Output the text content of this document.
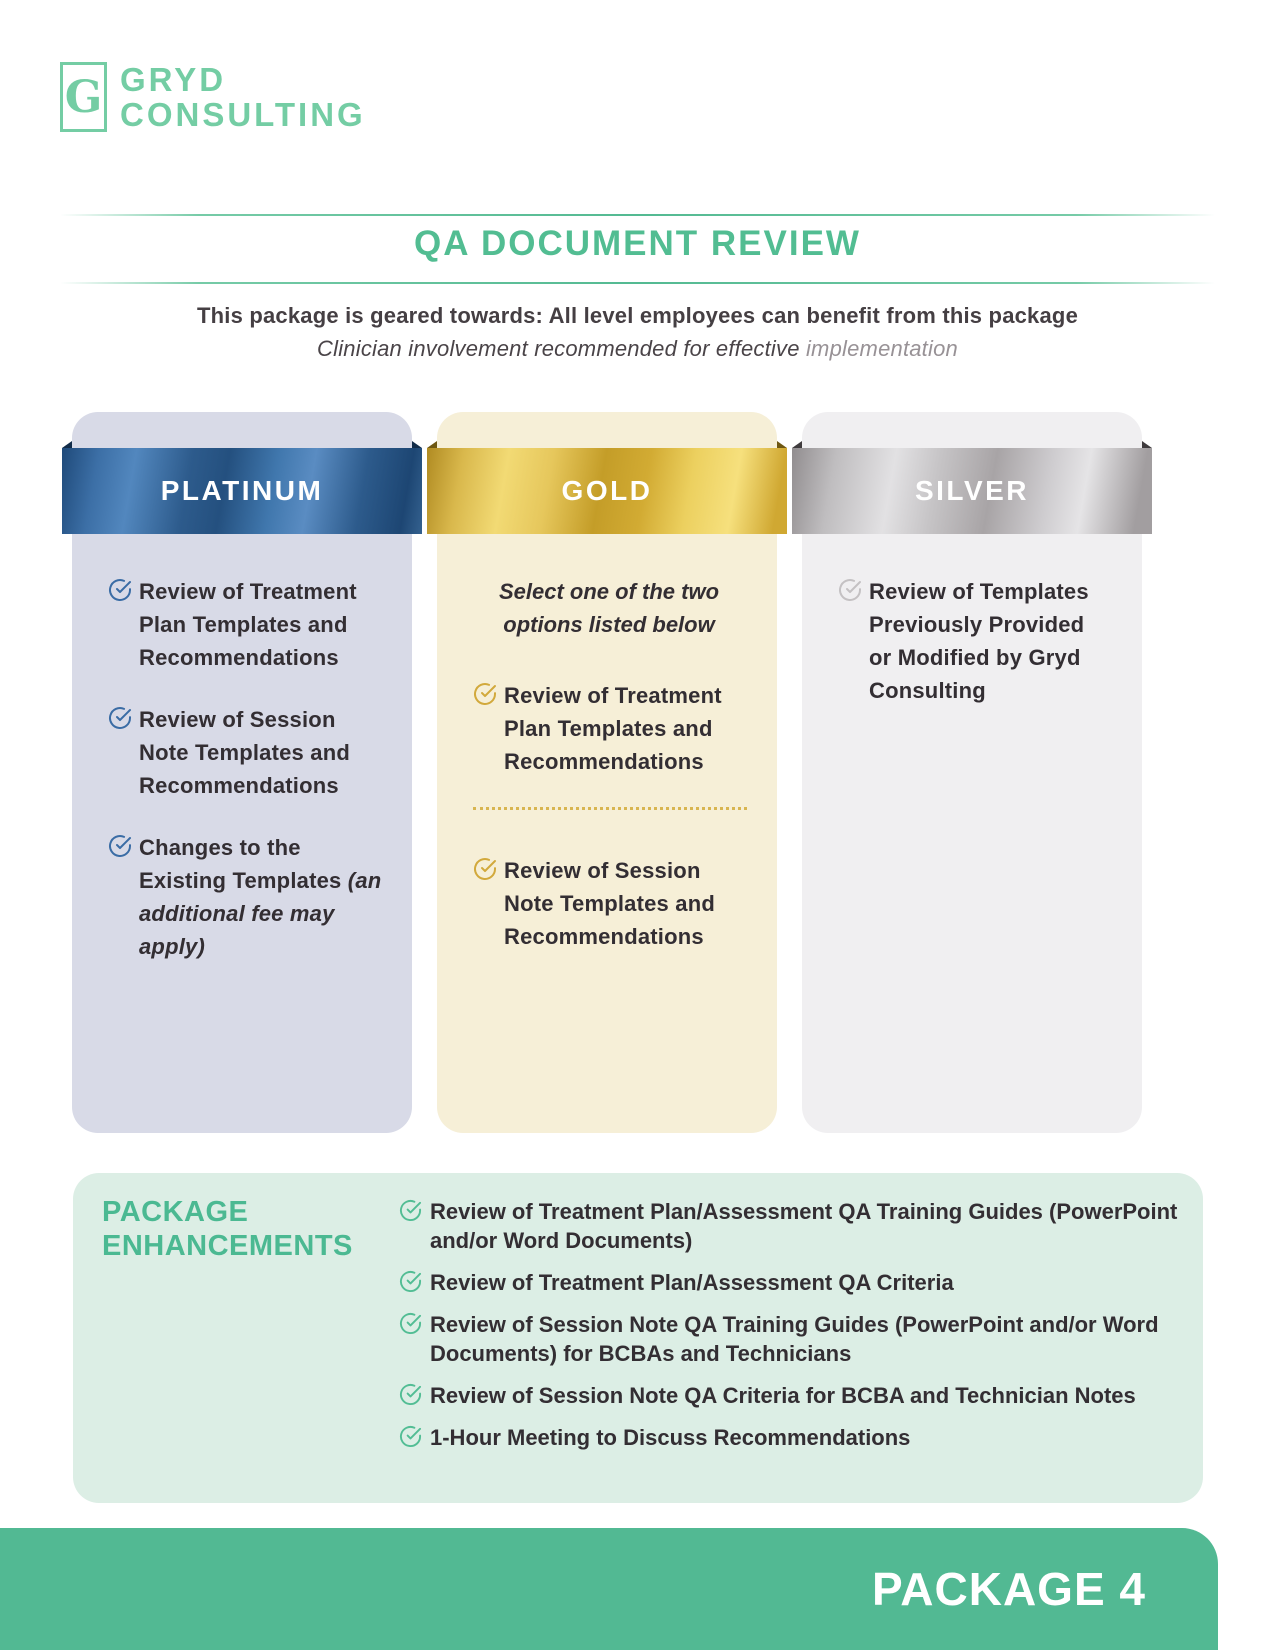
G GRYD
CONSULTING
QA DOCUMENT REVIEW
This package is geared towards: All level employees can benefit from this package
Clinician involvement recommended for effective implementation
PLATINUM
Review of Treatment Plan Templates and Recommendations
Review of Session Note Templates and Recommendations
Changes to the Existing Templates (an additional fee may apply)
GOLD
Select one of the two options listed below
Review of Treatment Plan Templates and Recommendations
Review of Session Note Templates and Recommendations
SILVER
Review of Templates Previously Provided or Modified by Gryd Consulting
PACKAGE
ENHANCEMENTS
Review of Treatment Plan/Assessment QA Training Guides (PowerPoint and/or Word Documents)
Review of Treatment Plan/Assessment QA Criteria
Review of Session Note QA Training Guides (PowerPoint and/or Word Documents) for BCBAs and Technicians
Review of Session Note QA Criteria for BCBA and Technician Notes
1-Hour Meeting to Discuss Recommendations
PACKAGE 4
